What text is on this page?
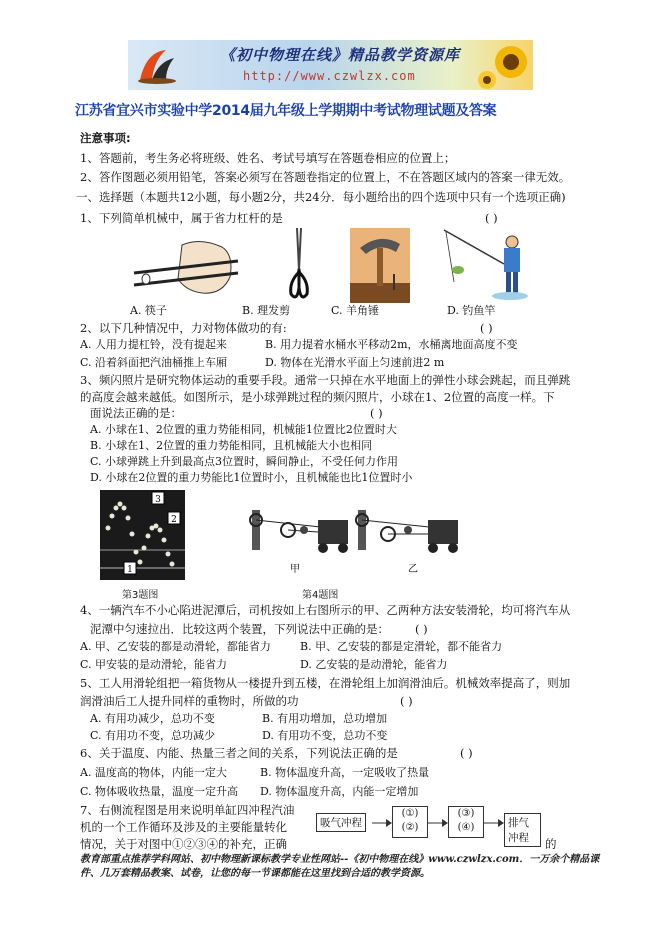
《初中物理在线》精品教学资源库
http://www.czwlzx.com
江苏省宜兴市实验中学2014届九年级上学期期中考试物理试题及答案
注意事项:
1、答题前，考生务必将班级、姓名、考试号填写在答题卷相应的位置上；
2、答作图题必须用铅笔，答案必须写在答题卷指定的位置上，不在答题区域内的答案一律无效。
一、选择题（本题共12小题，每小题2分，共24分．每小题给出的四个选项中只有一个选项正确)
1、下列简单机械中，属于省力杠杆的是	( )
A. 筷子	B. 理发剪	C. 羊角锤	D. 钓鱼竿
2、以下几种情况中，力对物体做功的有:	( )
A. 人用力提杠铃，没有提起来	B. 用力提着水桶水平移动2m，水桶离地面高度不变
C. 沿着斜面把汽油桶推上车厢	D. 物体在光滑水平面上匀速前进2 m
3、频闪照片是研究物体运动的重要手段。通常一只掉在水平地面上的弹性小球会跳起，而且弹跳
的高度会越来越低。如图所示，是小球弹跳过程的频闪照片，小球在1、2位置的高度一样。下
面说法正确的是：	( )
A. 小球在1、2位置的重力势能相同，机械能1位置比2位置时大
B. 小球在1、2位置的重力势能相同，且机械能大小也相同
C. 小球弹跳上升到最高点3位置时，瞬间静止，不受任何力作用
D. 小球在2位置的重力势能比1位置时小，且机械能也比1位置时小
3
2
1	甲	乙
第3题图	第4题图
4、一辆汽车不小心陷进泥潭后，司机按如上右图所示的甲、乙两种方法安装滑轮，均可将汽车从
泥潭中匀速拉出．比较这两个装置，下列说法中正确的是： ( )
A. 甲、乙安装的都是动滑轮，都能省力	B. 甲、乙安装的都是定滑轮，都不能省力
C. 甲安装的是动滑轮，能省力	D. 乙安装的是动滑轮，能省力
5、工人用滑轮组把一箱货物从一楼提升到五楼，在滑轮组上加润滑油后。机械效率提高了，则加
润滑油后工人提升同样的重物时，所做的功	( )
A. 有用功减少，总功不变	B. 有用功增加，总功增加
C. 有用功不变，总功减少	D. 有用功不变，总功不变
6、关于温度、内能、热量三者之间的关系，下列说法正确的是	( )
A. 温度高的物体，内能一定大	B. 物体温度升高，一定吸收了热量
C. 物体吸收热量，温度一定升高 D. 物体温度升高，内能一定增加
7、右侧流程图是用来说明单缸四冲程汽油
机的一个工作循环及涉及的主要能量转化
情况，关于对图中①②③④的补充，正确	的
吸气冲程
(①)
(②)
(③)
(④)	排气冲程
教育部重点推荐学科网站、初中物理新课标教学专业性网站--《初中物理在线》www.czwlzx.com．一万余个精品课件、几万套精品教案、试卷，让您的每一节课都能在这里找到合适的教学资源。
